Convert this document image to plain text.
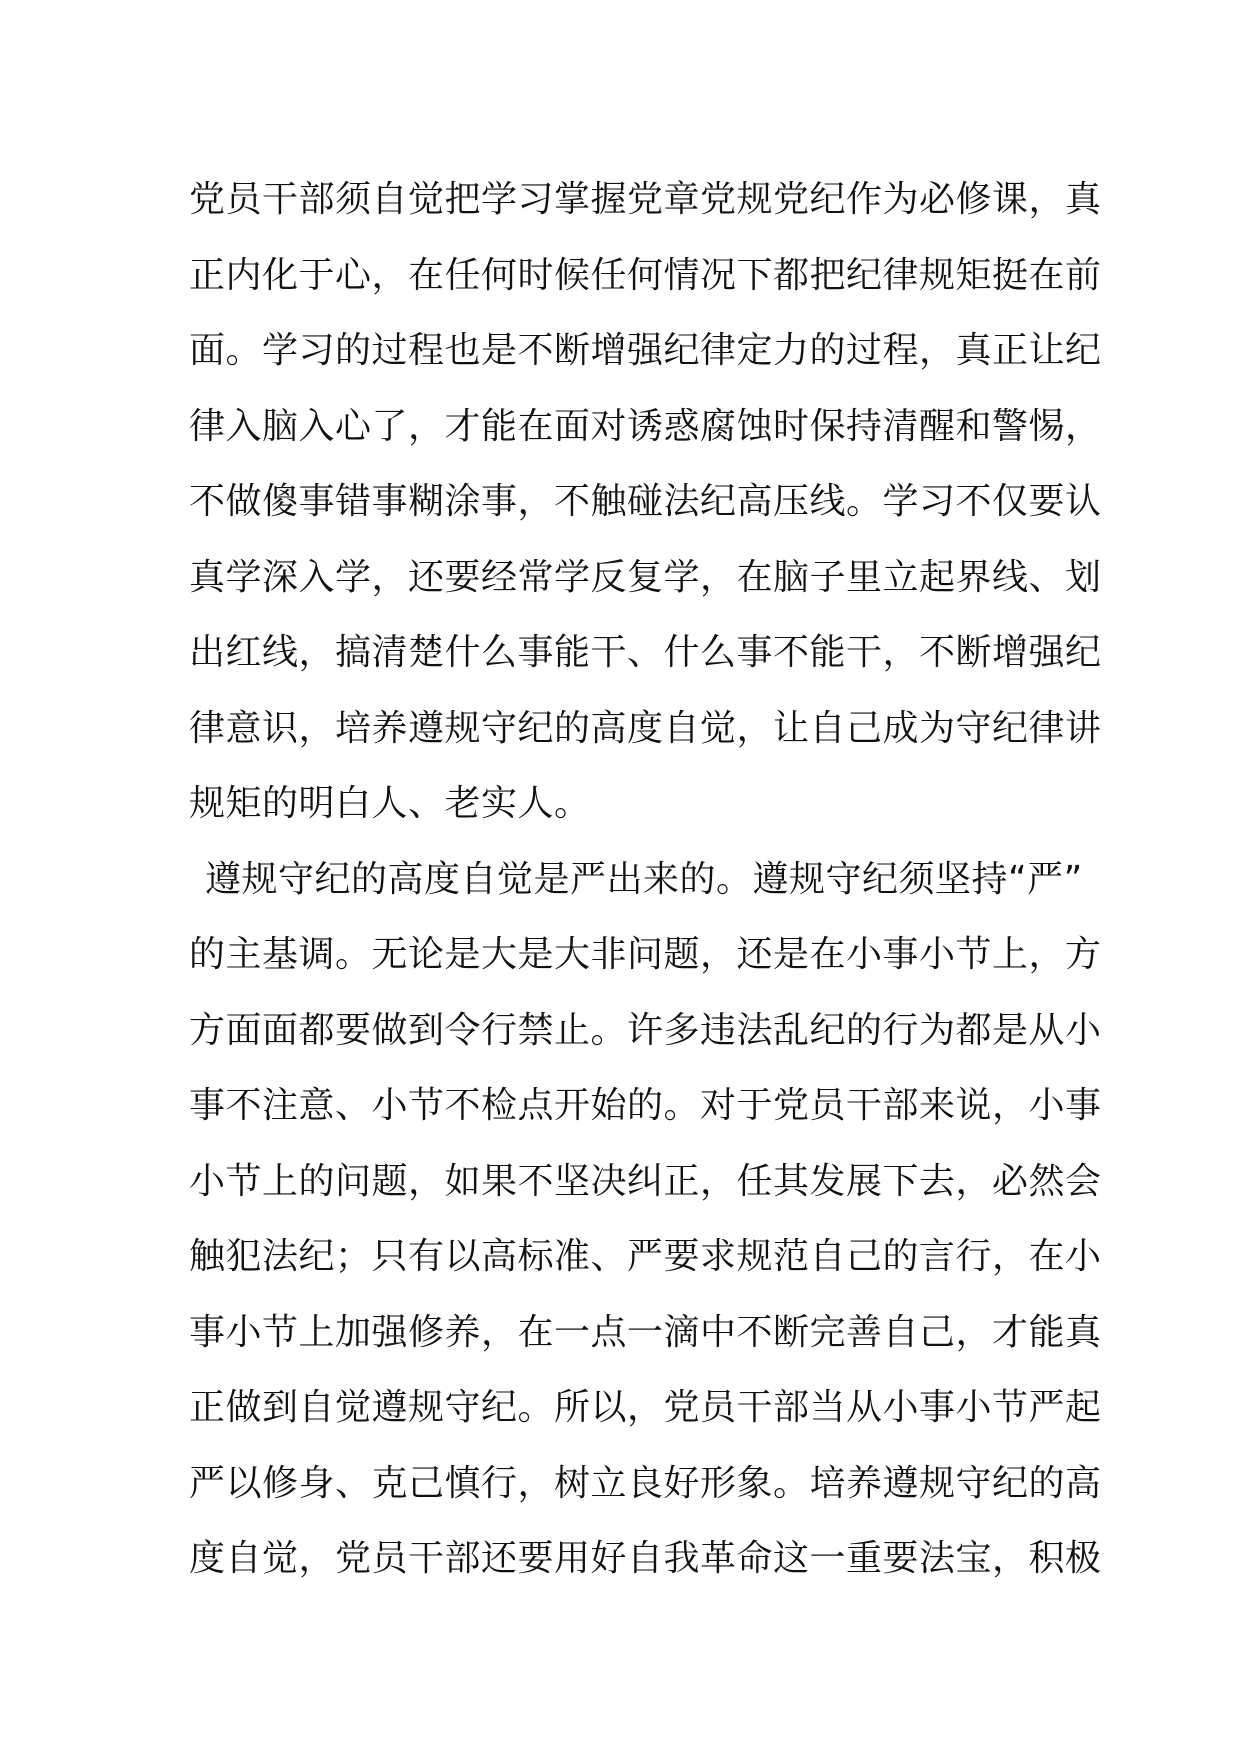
党员干部须自觉把学习掌握党章党规党纪作为必修课，真
正内化于心，在任何时候任何情况下都把纪律规矩挺在前
面。学习的过程也是不断增强纪律定力的过程，真正让纪
律入脑入心了，才能在面对诱惑腐蚀时保持清醒和警惕，
不做傻事错事糊涂事，不触碰法纪高压线。学习不仅要认
真学深入学，还要经常学反复学，在脑子里立起界线、划
出红线，搞清楚什么事能干、什么事不能干，不断增强纪
律意识，培养遵规守纪的高度自觉，让自己成为守纪律讲
规矩的明白人、老实人。
遵规守纪的高度自觉是严出来的。遵规守纪须坚持“严”
的主基调。无论是大是大非问题，还是在小事小节上，方
方面面都要做到令行禁止。许多违法乱纪的行为都是从小
事不注意、小节不检点开始的。对于党员干部来说，小事
小节上的问题，如果不坚决纠正，任其发展下去，必然会
触犯法纪；只有以高标准、严要求规范自己的言行，在小
事小节上加强修养，在一点一滴中不断完善自己，才能真
正做到自觉遵规守纪。所以，党员干部当从小事小节严起
严以修身、克己慎行，树立良好形象。培养遵规守纪的高
度自觉，党员干部还要用好自我革命这一重要法宝，积极
